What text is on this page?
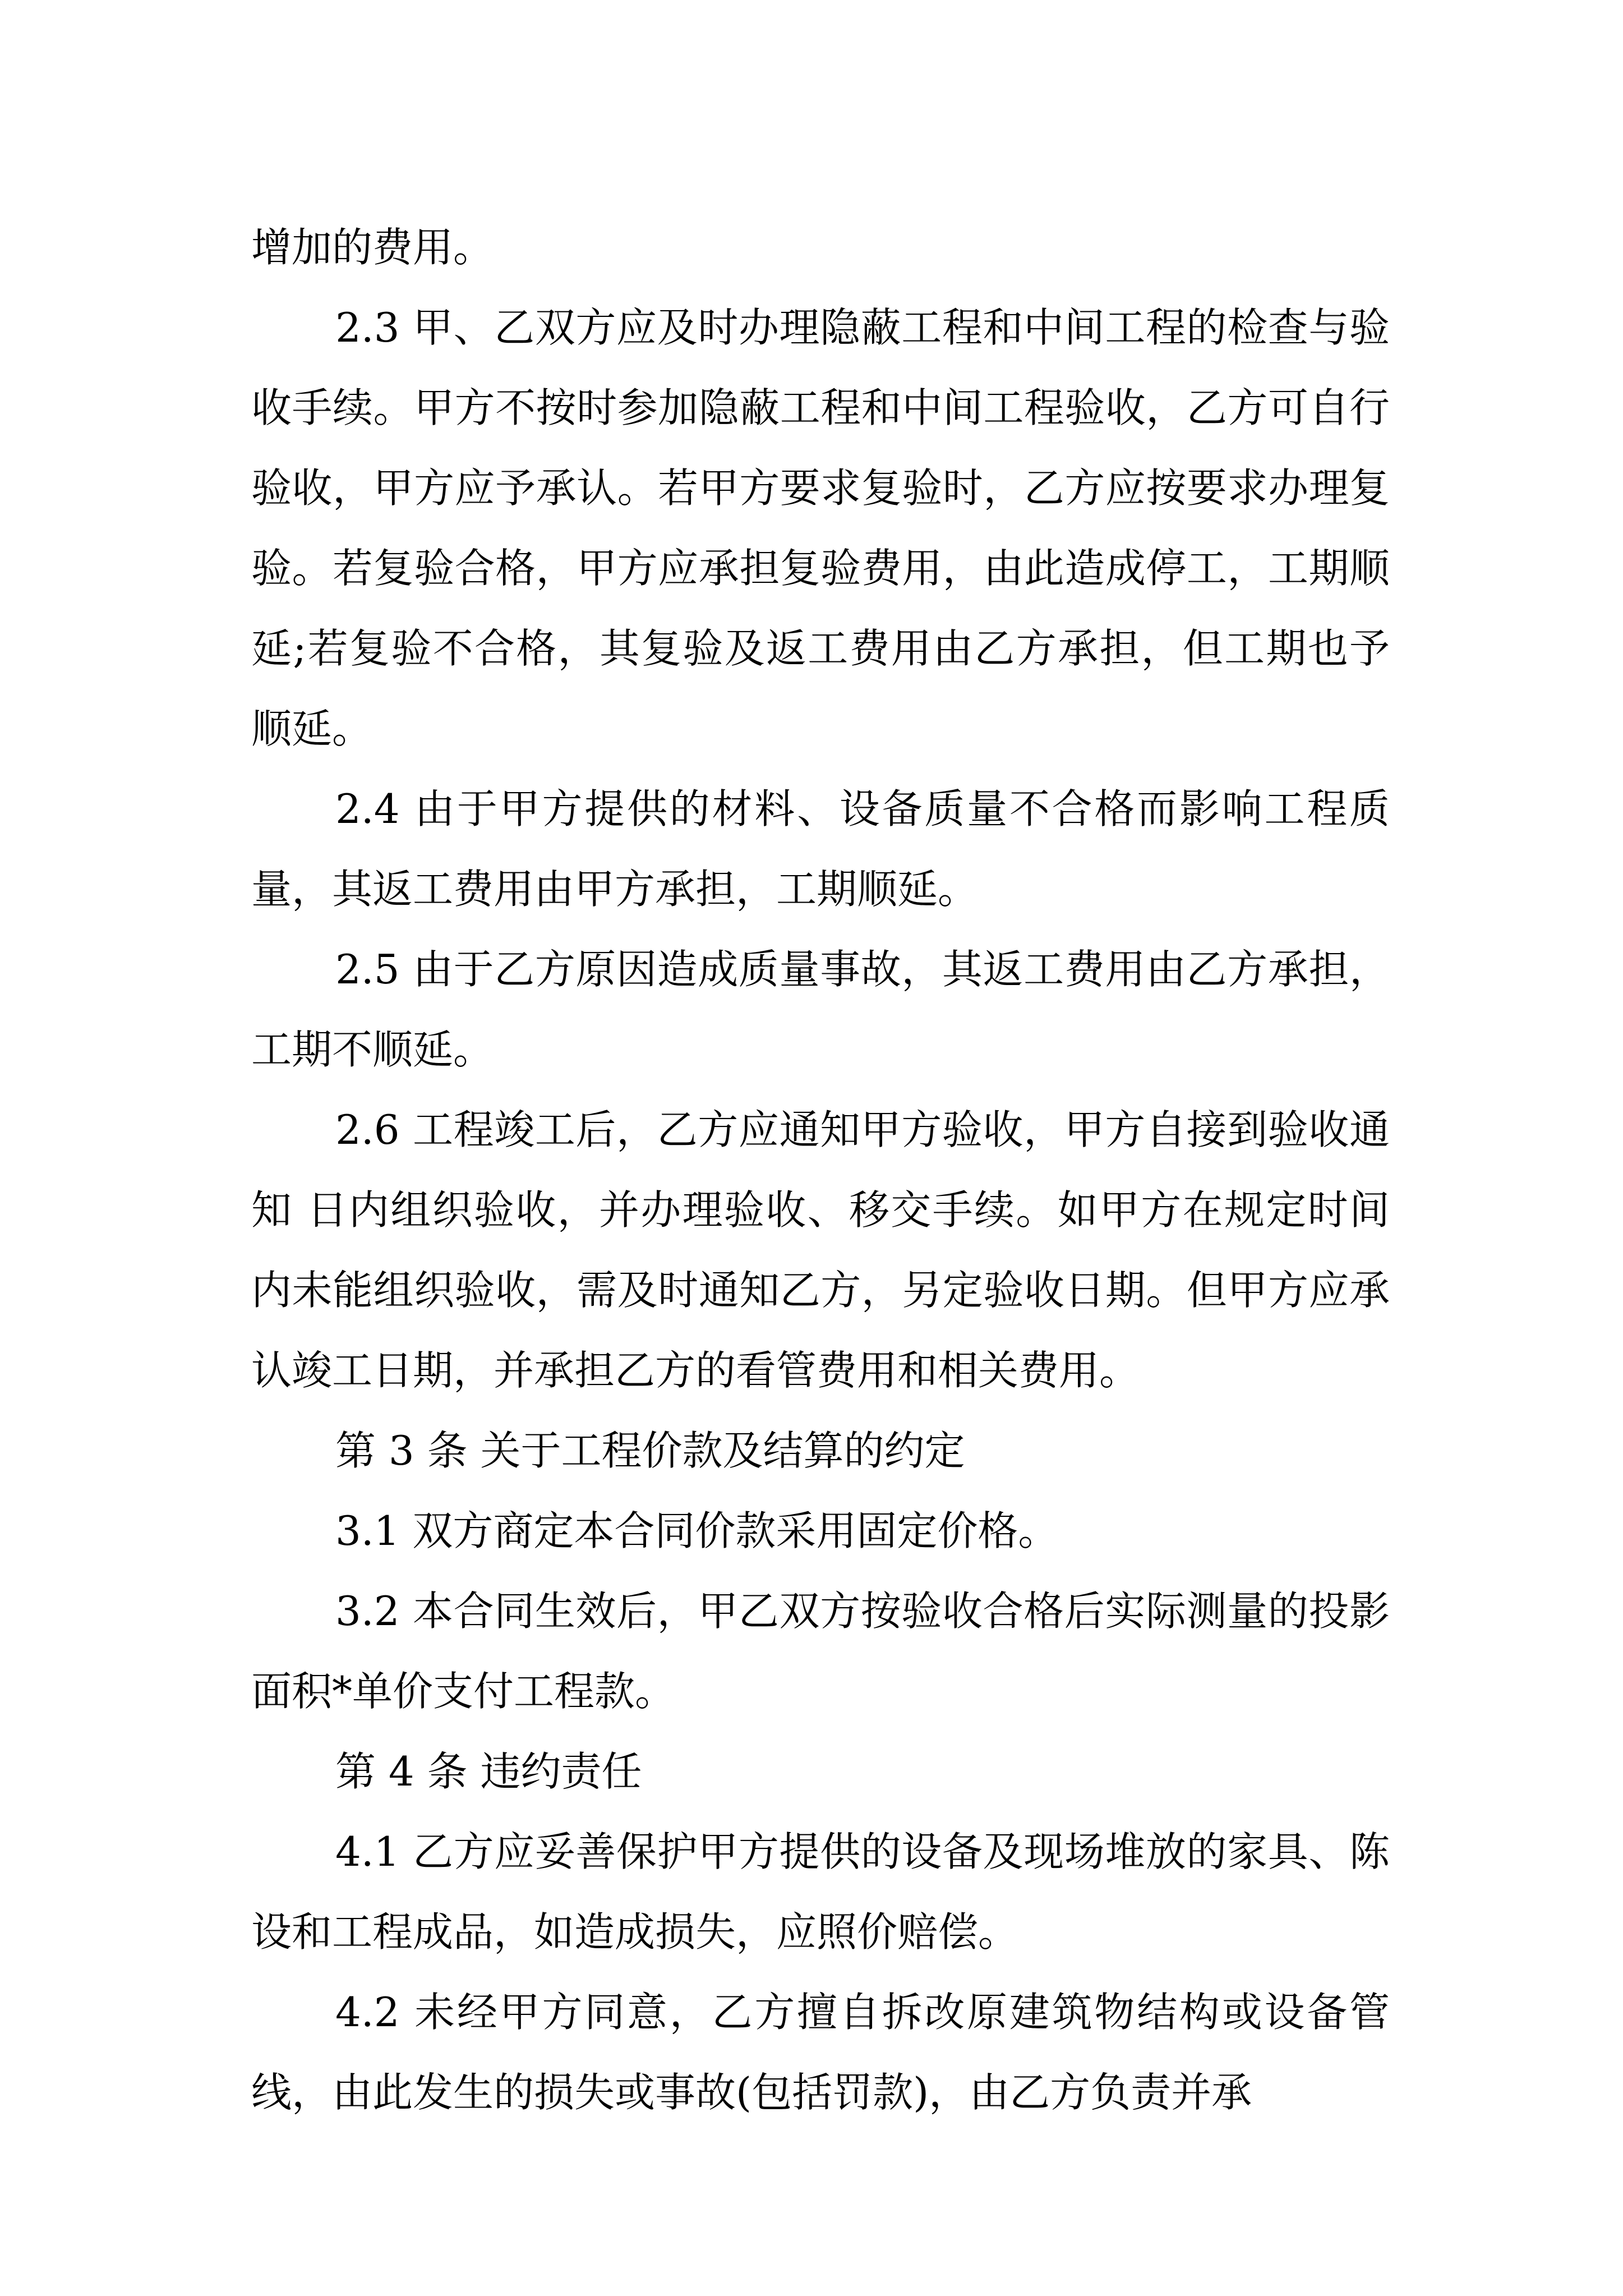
增加的费用。

2.3 甲、乙双方应及时办理隐蔽工程和中间工程的检查与验收手续。甲方不按时参加隐蔽工程和中间工程验收，乙方可自行验收，甲方应予承认。若甲方要求复验时，乙方应按要求办理复验。若复验合格，甲方应承担复验费用，由此造成停工，工期顺延;若复验不合格，其复验及返工费用由乙方承担，但工期也予顺延。

2.4 由于甲方提供的材料、设备质量不合格而影响工程质量，其返工费用由甲方承担，工期顺延。

2.5 由于乙方原因造成质量事故，其返工费用由乙方承担，工期不顺延。

2.6 工程竣工后，乙方应通知甲方验收，甲方自接到验收通知 日内组织验收，并办理验收、移交手续。如甲方在规定时间内未能组织验收，需及时通知乙方，另定验收日期。但甲方应承认竣工日期，并承担乙方的看管费用和相关费用。

第 3 条 关于工程价款及结算的约定

3.1 双方商定本合同价款采用固定价格。

3.2 本合同生效后，甲乙双方按验收合格后实际测量的投影面积*单价支付工程款。

第 4 条 违约责任

4.1 乙方应妥善保护甲方提供的设备及现场堆放的家具、陈设和工程成品，如造成损失，应照价赔偿。

4.2 未经甲方同意，乙方擅自拆改原建筑物结构或设备管线，由此发生的损失或事故(包括罚款)，由乙方负责并承
